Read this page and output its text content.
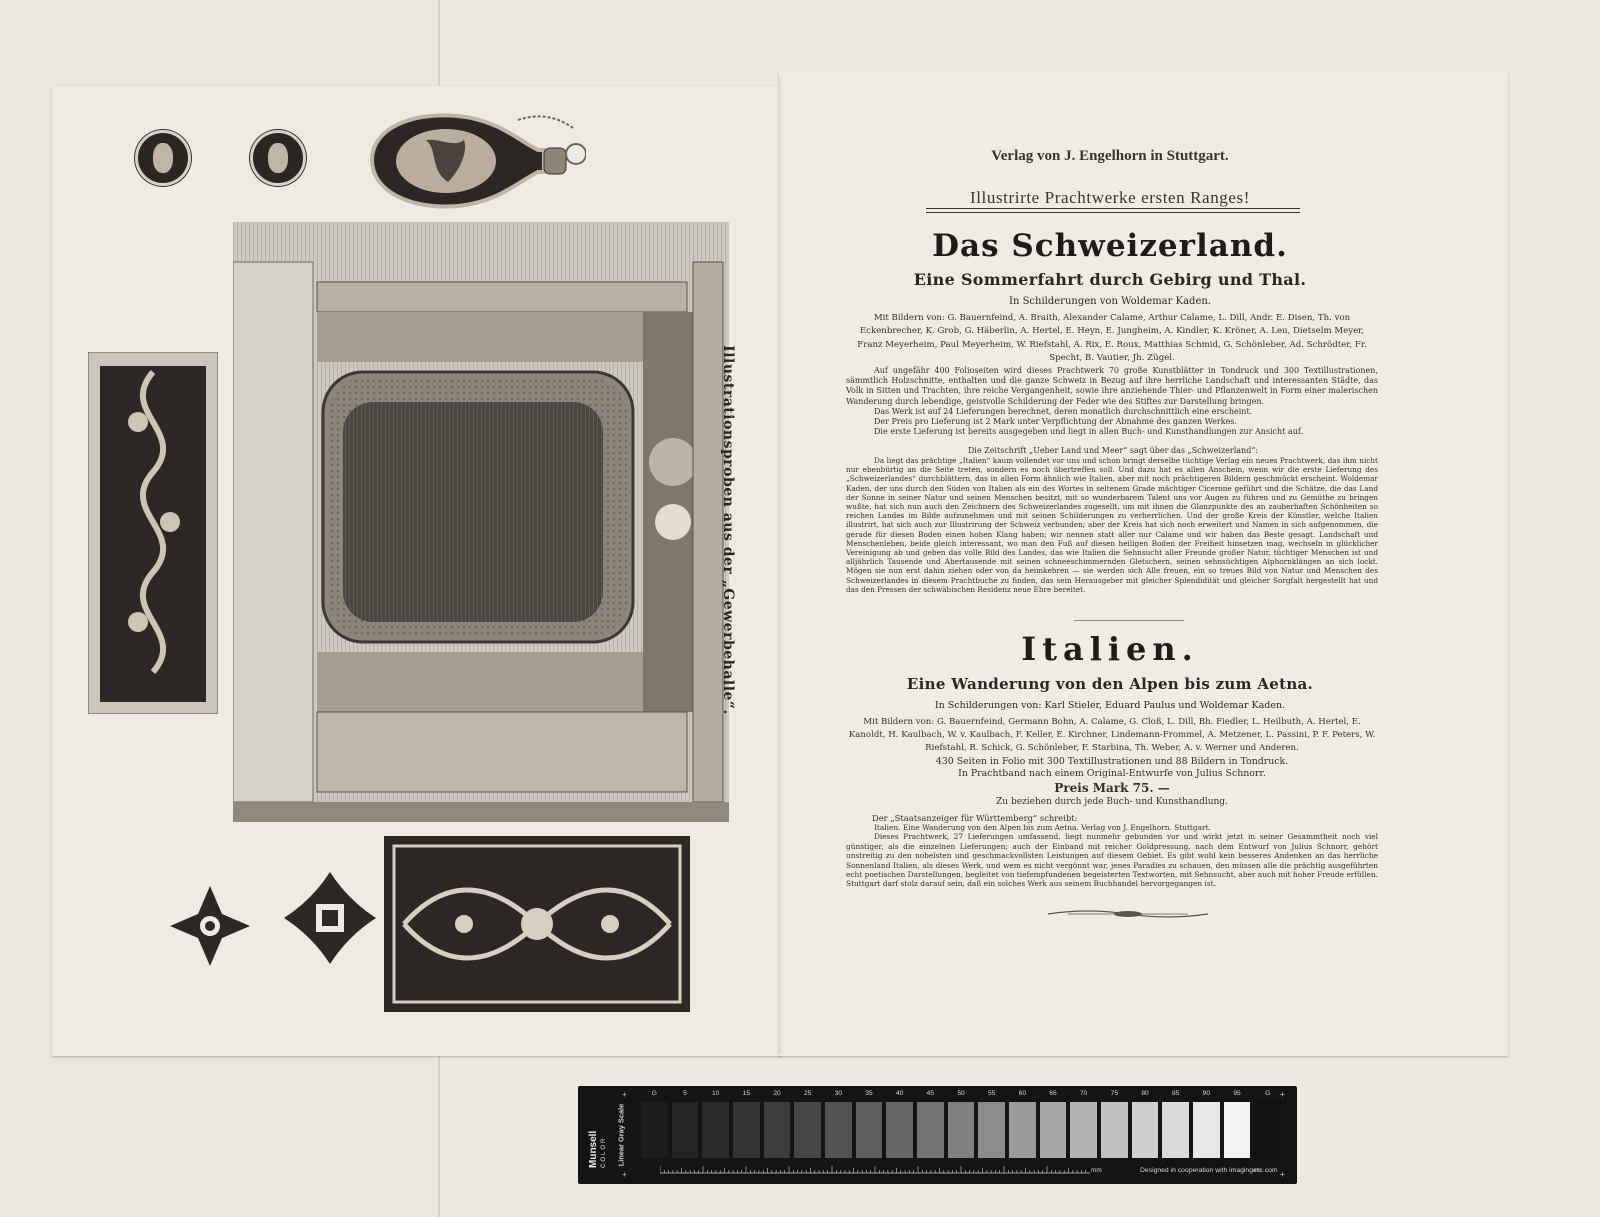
Illustrationsproben aus der „Gewerbehalle“.
Verlag von J. Engelhorn in Stuttgart.
Illustrirte Prachtwerke ersten Ranges!
Das Schweizerland.
Eine Sommerfahrt durch Gebirg und Thal.
In Schilderungen von Woldemar Kaden.
Mit Bildern von: G. Bauernfeind, A. Braith, Alexander Calame, Arthur Calame, L. Dill, Andr. E. Disen, Th. von Eckenbrecher, K. Grob, G. Häberlin, A. Hertel, E. Heyn, E. Jungheim, A. Kindler, K. Kröner, A. Leu, Dietselm Meyer, Franz Meyerheim, Paul Meyerheim, W. Riefstahl, A. Rix, E. Roux, Matthias Schmid, G. Schönleber, Ad. Schrödter, Fr. Specht, B. Vautier, Jh. Zügel.

Auf ungefähr 400 Folioseiten wird dieses Prachtwerk 70 große Kunstblätter in Tondruck und 300 Textillustrationen, sämmtlich Holzschnitte, enthalten und die ganze Schweiz in Bezug auf ihre herrliche Landschaft und interessanten Städte, das Volk in Sitten und Trachten, ihre reiche Vergangenheit, sowie ihre anziehende Thier- und Pflanzenwelt in Form einer malerischen Wanderung durch lebendige, geistvolle Schilderung der Feder wie des Stiftes zur Darstellung bringen.

Das Werk ist auf 24 Lieferungen berechnet, deren monatlich durchschnittlich eine erscheint.

Der Preis pro Lieferung ist 2 Mark unter Verpflichtung der Abnahme des ganzen Werkes.

Die erste Lieferung ist bereits ausgegeben und liegt in allen Buch- und Kunsthandlungen zur Ansicht auf.

Die Zeitschrift „Ueber Land und Meer“ sagt über das „Schweizerland“:

Da liegt das prächtige „Italien“ kaum vollendet vor uns und schon bringt derselbe tüchtige Verlag ein neues Prachtwerk, das ihm nicht nur ebenbürtig an die Seite treten, sondern es noch übertreffen soll. Und dazu hat es allen Anschein, wenn wir die erste Lieferung des „Schweizerlandes“ durchblättern, das in allen Form ähnlich wie Italien, aber mit noch prächtigeren Bildern geschmückt erscheint. Woldemar Kaden, der uns durch den Süden von Italien als ein des Wortes in seltenem Grade mächtiger Cicerone geführt und die Schätze, die das Land der Sonne in seiner Natur und seinen Menschen besitzt, mit so wunderbarem Talent uns vor Augen zu führen und zu Gemüthe zu bringen wußte, hat sich nun auch den Zeichnern des Schweizerlandes zugesellt, um mit ihnen die Glanzpunkte des an zauberhaften Schönheiten so reichen Landes im Bilde aufzunehmen und mit seinen Schilderungen zu verherrlichen. Und der große Kreis der Künstler, welche Italien illustrirt, hat sich auch zur Illustrirung der Schweiz verbunden; aber der Kreis hat sich noch erweitert und Namen in sich aufgenommen, die gerade für diesen Boden einen hohen Klang haben; wir nennen statt aller nur Calame und wir haben das Beste gesagt. Landschaft und Menschenleben, beide gleich interessant, wo man den Fuß auf diesen heiligen Boden der Freiheit hinsetzen mag, wechseln in glücklicher Vereinigung ab und geben das volle Bild des Landes, das wie Italien die Sehnsucht aller Freunde großer Natur, tüchtiger Menschen ist und alljährlich Tausende und Abertausende mit seinen schneeschimmernden Gletschern, seinen sehnsüchtigen Alphornklängen an sich lockt. Mögen sie nun erst dahin ziehen oder von da heimkehren — sie werden sich Alle freuen, ein so treues Bild von Natur und Menschen des Schweizerlandes in diesem Prachtbuche zu finden, das sein Herausgeber mit gleicher Splendidität und gleicher Sorgfalt hergestellt hat und das den Pressen der schwäbischen Residenz neue Ehre bereitet.

Italien.
Eine Wanderung von den Alpen bis zum Aetna.
In Schilderungen von: Karl Stieler, Eduard Paulus und Woldemar Kaden.
Mit Bildern von: G. Bauernfeind, Germann Bohn, A. Calame, G. Cloß, L. Dill, Bh. Fiedler, L. Heilbuth, A. Hertel, E. Kanoldt, H. Kaulbach, W. v. Kaulbach, F. Keller, E. Kirchner, Lindemann-Frommel, A. Metzener, L. Passini, P. F. Peters, W. Riefstahl, R. Schick, G. Schönleber, F. Starbina, Th. Weber, A. v. Werner und Anderen.
430 Seiten in Folio mit 300 Textillustrationen und 88 Bildern in Tondruck.
In Prachtband nach einem Original-Entwurfe von Julius Schnorr.
Preis Mark 75. —
Zu beziehen durch jede Buch- und Kunsthandlung.
Der „Staatsanzeiger für Württemberg“ schreibt:

Italien. Eine Wanderung von den Alpen bis zum Aetna. Verlag von J. Engelhorn. Stuttgart.

Dieses Prachtwerk, 27 Lieferungen umfassend, liegt nunmehr gebunden vor und wirkt jetzt in seiner Gesammtheit noch viel günstiger, als die einzelnen Lieferungen; auch der Einband mit reicher Goldpressung, nach dem Entwurf von Julius Schnorr, gehört unstreitig zu den nobelsten und geschmackvollsten Leistungen auf diesem Gebiet. Es gibt wohl kein besseres Andenken an das herrliche Sonnenland Italien, als dieses Werk, und wem es nicht vergönnt war, jenes Paradies zu schauen, den müssen alle die prächtig ausgeführten echt poetischen Darstellungen, begleitet von tiefempfundenen begeisterten Textworten, mit Sehnsucht, aber auch mit hoher Freude erfüllen. Stuttgart darf stolz darauf sein, daß ein solches Werk aus seinem Buchhandel hervorgegangen ist.

Munsell COLOR	Linear Gray Scale
G	5	10	15	20	25	30	35	40	45	50	55	60	65	70	75	80	85	90	95	G
mm	Designed in cooperation with imagingetc.com
+	+
+	+
